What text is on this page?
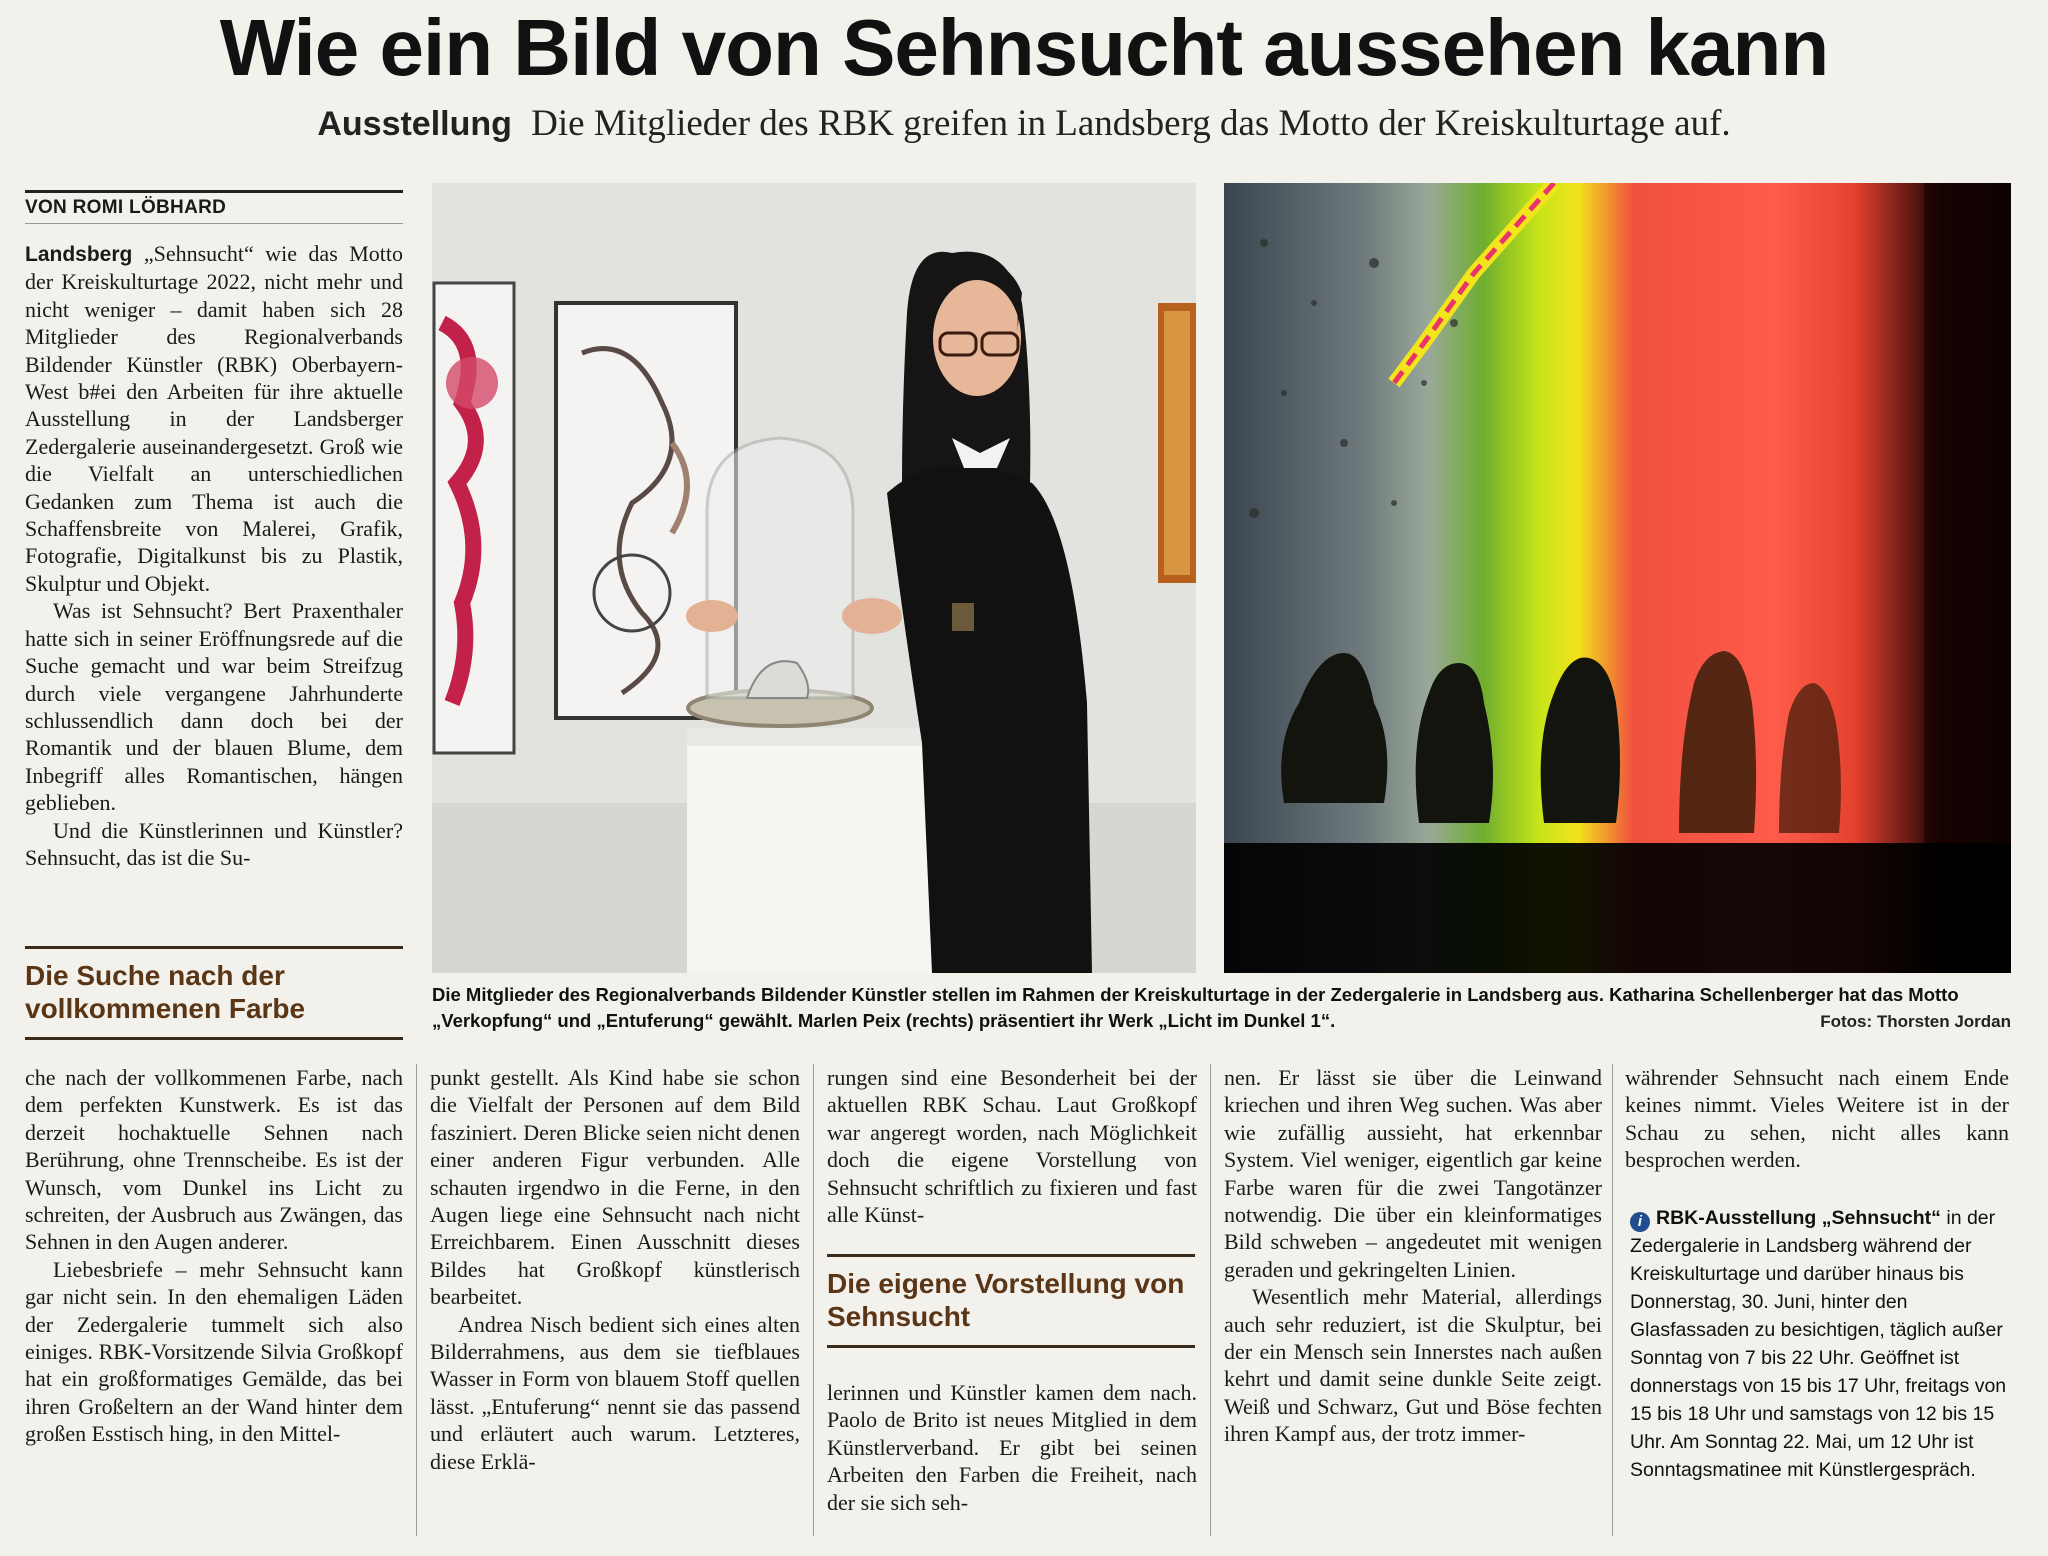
Wie ein Bild von Sehnsucht aussehen kann

Ausstellung Die Mitglieder des RBK greifen in Landsberg das Motto der Kreiskulturtage auf.

VON ROMI LÖBHARD

Landsberg „Sehnsucht“ wie das Motto der Kreiskulturtage 2022, nicht mehr und nicht weniger – damit haben sich 28 Mitglieder des Regionalverbands Bildender Künstler (RBK) Oberbayern-West b#ei den Arbeiten für ihre aktuelle Ausstellung in der Landsberger Zedergalerie auseinandergesetzt. Groß wie die Vielfalt an unterschiedlichen Gedanken zum Thema ist auch die Schaffensbreite von Malerei, Grafik, Fotografie, Digitalkunst bis zu Plastik, Skulptur und Objekt.

Was ist Sehnsucht? Bert Praxenthaler hatte sich in seiner Eröffnungsrede auf die Suche gemacht und war beim Streifzug durch viele vergangene Jahrhunderte schlussendlich dann doch bei der Romantik und der blauen Blume, dem Inbegriff alles Romantischen, hängen geblieben.

Und die Künstlerinnen und Künstler? Sehnsucht, das ist die Su-

Die Suche nach der vollkommenen Farbe	Die Mitglieder des Regionalverbands Bildender Künstler stellen im Rahmen der Kreiskulturtage in der Zedergalerie in Landsberg aus. Katharina Schellenberger hat das Motto „Verkopfung“ und „Entuferung“ gewählt. Marlen Peix (rechts) präsentiert ihr Werk „Licht im Dunkel 1“.	Fotos: Thorsten Jordan

che nach der vollkommenen Farbe, nach dem perfekten Kunstwerk. Es ist das derzeit hochaktuelle Sehnen nach Berührung, ohne Trennscheibe. Es ist der Wunsch, vom Dunkel ins Licht zu schreiten, der Ausbruch aus Zwängen, das Sehnen in den Augen anderer.

Liebesbriefe – mehr Sehnsucht kann gar nicht sein. In den ehemaligen Läden der Zedergalerie tummelt sich also einiges. RBK-Vorsitzende Silvia Großkopf hat ein großformatiges Gemälde, das bei ihren Großeltern an der Wand hinter dem großen Esstisch hing, in den Mittel-

punkt gestellt. Als Kind habe sie schon die Vielfalt der Personen auf dem Bild fasziniert. Deren Blicke seien nicht denen einer anderen Figur verbunden. Alle schauten irgendwo in die Ferne, in den Augen liege eine Sehnsucht nach nicht Erreichbarem. Einen Ausschnitt dieses Bildes hat Großkopf künstlerisch bearbeitet.

Andrea Nisch bedient sich eines alten Bilderrahmens, aus dem sie tiefblaues Wasser in Form von blauem Stoff quellen lässt. „Entuferung“ nennt sie das passend und erläutert auch warum. Letzteres, diese Erklä-

rungen sind eine Besonderheit bei der aktuellen RBK Schau. Laut Großkopf war angeregt worden, nach Möglichkeit doch die eigene Vorstellung von Sehnsucht schriftlich zu fixieren und fast alle Künst-

Die eigene Vorstellung von Sehnsucht

lerinnen und Künstler kamen dem nach. Paolo de Brito ist neues Mitglied in dem Künstlerverband. Er gibt bei seinen Arbeiten den Farben die Freiheit, nach der sie sich seh-

nen. Er lässt sie über die Leinwand kriechen und ihren Weg suchen. Was aber wie zufällig aussieht, hat erkennbar System. Viel weniger, eigentlich gar keine Farbe waren für die zwei Tangotänzer notwendig. Die über ein kleinformatiges Bild schweben – angedeutet mit wenigen geraden und gekringelten Linien.

Wesentlich mehr Material, allerdings auch sehr reduziert, ist die Skulptur, bei der ein Mensch sein Innerstes nach außen kehrt und damit seine dunkle Seite zeigt. Weiß und Schwarz, Gut und Böse fechten ihren Kampf aus, der trotz immer-

währender Sehnsucht nach einem Ende keines nimmt. Vieles Weitere ist in der Schau zu sehen, nicht alles kann besprochen werden.

i RBK-Ausstellung „Sehnsucht“ in der Zedergalerie in Landsberg während der Kreiskulturtage und darüber hinaus bis Donnerstag, 30. Juni, hinter den Glasfassaden zu besichtigen, täglich außer Sonntag von 7 bis 22 Uhr. Geöffnet ist donnerstags von 15 bis 17 Uhr, freitags von 15 bis 18 Uhr und samstags von 12 bis 15 Uhr. Am Sonntag 22. Mai, um 12 Uhr ist Sonntagsmatinee mit Künstlergespräch.
